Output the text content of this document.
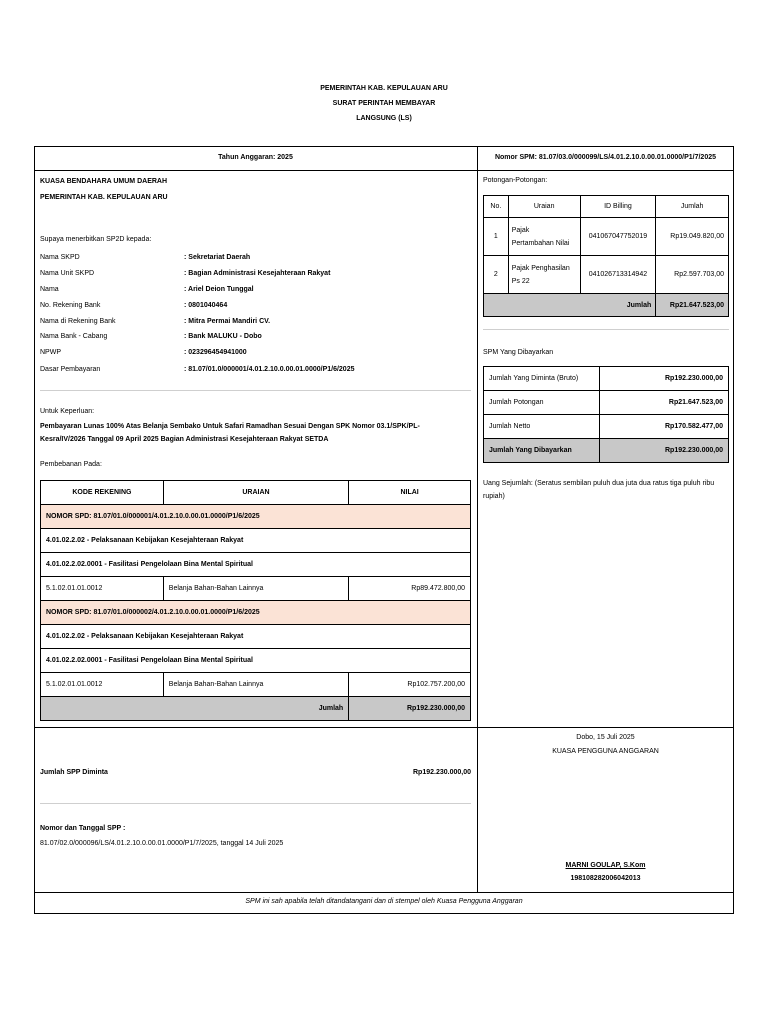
PEMERINTAH KAB. KEPULAUAN ARU
SURAT PERINTAH MEMBAYAR
LANGSUNG (LS)
Tahun Anggaran: 2025	Nomor SPM: 81.07/03.0/000099/LS/4.01.2.10.0.00.01.0000/P1/7/2025
KUASA BENDAHARA UMUM DAERAH
PEMERINTAH KAB. KEPULAUAN ARU
Supaya menerbitkan SP2D kepada:
Nama SKPD	: Sekretariat Daerah
Nama Unit SKPD	: Bagian Administrasi Kesejahteraan Rakyat
Nama	: Ariel Deion Tunggal
No. Rekening Bank	: 0801040464
Nama di Rekening Bank	: Mitra Permai Mandiri CV.
Nama Bank - Cabang	: Bank MALUKU - Dobo
NPWP	: 023296454941000
Dasar Pembayaran	: 81.07/01.0/000001/4.01.2.10.0.00.01.0000/P1/6/2025
Untuk Keperluan:
Pembayaran Lunas 100% Atas Belanja Sembako Untuk Safari Ramadhan Sesuai Dengan SPK Nomor 03.1/SPK/PL-
Kesra/IV/2026 Tanggal 09 April 2025 Bagian Administrasi Kesejahteraan Rakyat SETDA
Pembebanan Pada:
KODE REKENING	URAIAN	NILAI
NOMOR SPD: 81.07/01.0/000001/4.01.2.10.0.00.01.0000/P1/6/2025		
4.01.02.2.02 - Pelaksanaan Kebijakan Kesejahteraan Rakyat		
4.01.02.2.02.0001 - Fasilitasi Pengelolaan Bina Mental Spiritual		
5.1.02.01.01.0012	Belanja Bahan-Bahan Lainnya	Rp89.472.800,00
NOMOR SPD: 81.07/01.0/000002/4.01.2.10.0.00.01.0000/P1/6/2025		
4.01.02.2.02 - Pelaksanaan Kebijakan Kesejahteraan Rakyat		
4.01.02.2.02.0001 - Fasilitasi Pengelolaan Bina Mental Spiritual		
5.1.02.01.01.0012	Belanja Bahan-Bahan Lainnya	Rp102.757.200,00
Jumlah		Rp192.230.000,00
Potongan-Potongan:
No.	Uraian	ID Billing	Jumlah
1	Pajak
Pertambahan Nilai	041067047752019	Rp19.049.820,00
2	Pajak Penghasilan
Ps 22	041026713314942	Rp2.597.703,00
Jumlah			Rp21.647.523,00
SPM Yang Dibayarkan
Jumlah Yang Diminta (Bruto)	Rp192.230.000,00
Jumlah Potongan	Rp21.647.523,00
Jumlah Netto	Rp170.582.477,00
Jumlah Yang Dibayarkan	Rp192.230.000,00
Uang Sejumlah: (Seratus sembilan puluh dua juta dua ratus tiga puluh ribu
rupiah)
Jumlah SPP Diminta	Rp192.230.000,00
Nomor dan Tanggal SPP :
81.07/02.0/000096/LS/4.01.2.10.0.00.01.0000/P1/7/2025, tanggal 14 Juli 2025
Dobo, 15 Juli 2025
KUASA PENGGUNA ANGGARAN
MARNI GOULAP, S.Kom
198108282006042013
SPM ini sah apabila telah ditandatangani dan di stempel oleh Kuasa Pengguna Anggaran
